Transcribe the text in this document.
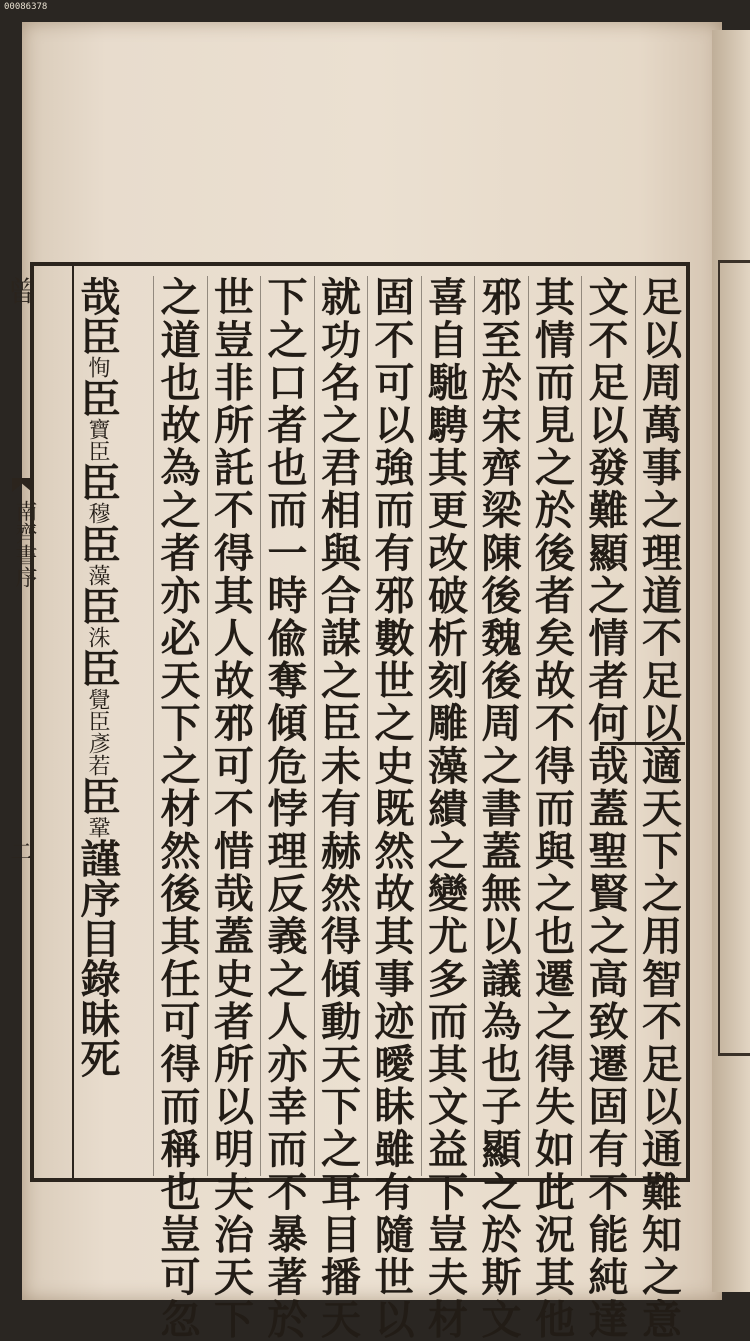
00086378
曾
南齊書序
二	足以周萬事之理道不足以適天下之用智不足以通難知之意
文不足以發難顯之情者何哉蓋聖賢之高致遷固有不能純達
其情而見之於後者矣故不得而與之也遷之得失如此況其他
邪至於宋齊梁陳後魏後周之書蓋無以議為也子顯之於斯文
喜自馳騁其更改破析刻雕藻繢之變尤多而其文益下豈夫材
固不可以強而有邪數世之史既然故其事迹曖眛雖有隨世以
就功名之君相與合謀之臣未有赫然得傾動天下之耳目播天
下之口者也而一時偸奪傾危悖理反義之人亦幸而不暴著於
世豈非所託不得其人故邪可不惜哉蓋史者所以明夫治天下
之道也故為之者亦必天下之材然後其任可得而稱也豈可忽
哉臣恂臣寶臣臣穆臣藻臣洙臣覺臣彥若臣鞏謹序目錄昧死
